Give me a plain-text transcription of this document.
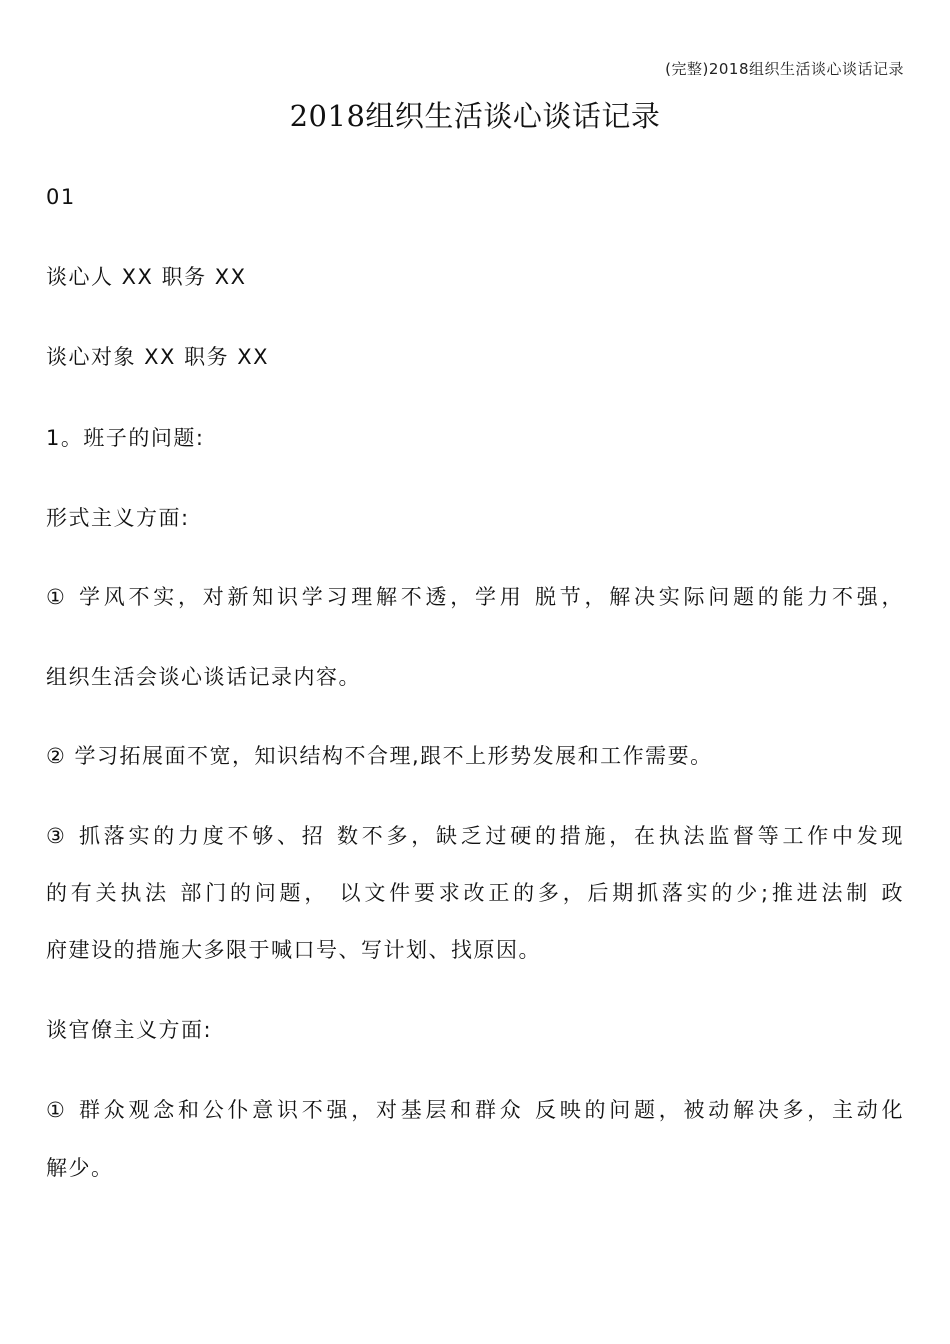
(完整)2018组织生活谈心谈话记录
2018组织生活谈心谈话记录
01
谈心人 XX 职务 XX
谈心对象 XX 职务 XX
1。班子的问题:
形式主义方面:
① 学风不实，对新知识学习理解不透，学用 脱节，解决实际问题的能力不强，
组织生活会谈心谈话记录内容。
② 学习拓展面不宽，知识结构不合理,跟不上形势发展和工作需要。
③ 抓落实的力度不够、招 数不多，缺乏过硬的措施，在执法监督等工作中发现
的有关执法 部门的问题， 以文件要求改正的多，后期抓落实的少;推进法制 政
府建设的措施大多限于喊口号、写计划、找原因。
谈官僚主义方面:
① 群众观念和公仆意识不强，对基层和群众 反映的问题，被动解决多，主动化
解少。
